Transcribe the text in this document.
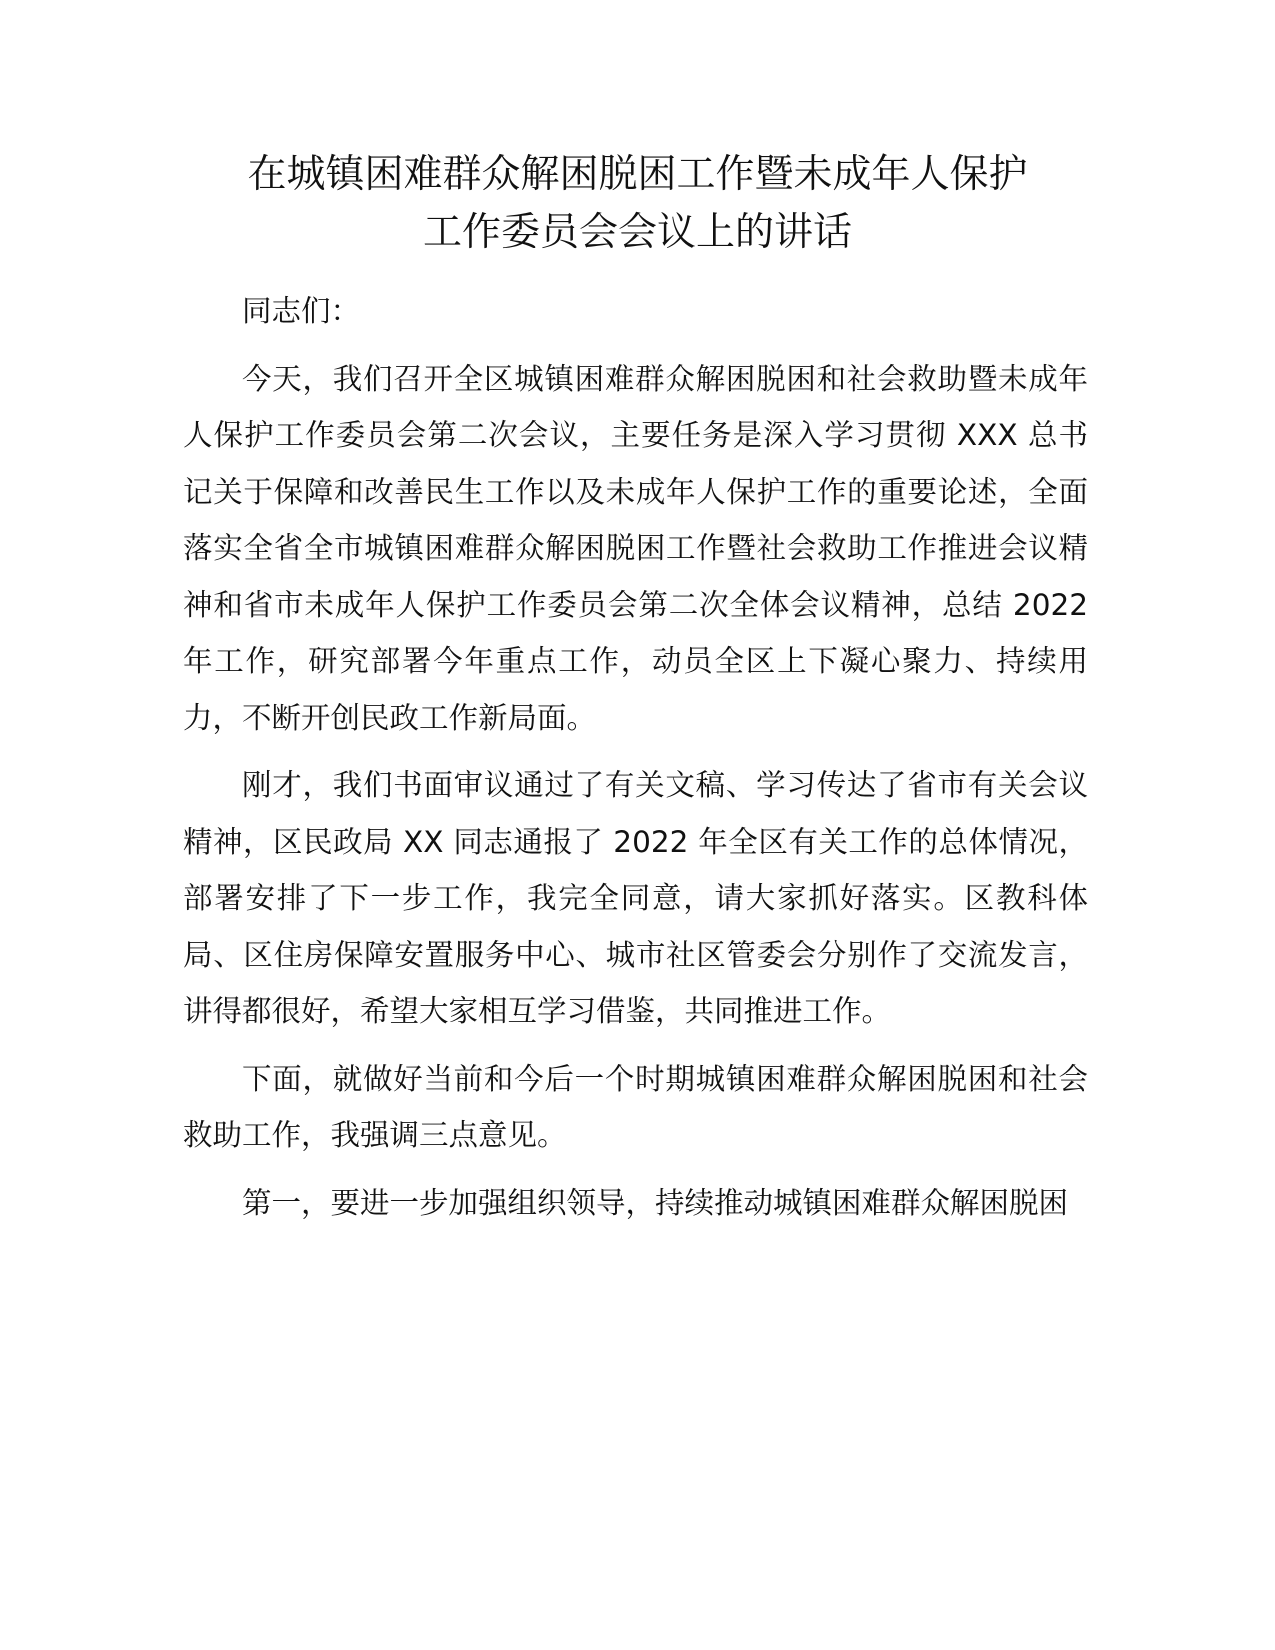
在城镇困难群众解困脱困工作暨未成年人保护
工作委员会会议上的讲话

同志们：

今天，我们召开全区城镇困难群众解困脱困和社会救助暨未成年人保护工作委员会第二次会议，主要任务是深入学习贯彻 XXX 总书记关于保障和改善民生工作以及未成年人保护工作的重要论述，全面落实全省全市城镇困难群众解困脱困工作暨社会救助工作推进会议精神和省市未成年人保护工作委员会第二次全体会议精神，总结 2022 年工作，研究部署今年重点工作，动员全区上下凝心聚力、持续用力，不断开创民政工作新局面。

刚才，我们书面审议通过了有关文稿、学习传达了省市有关会议精神，区民政局 XX 同志通报了 2022 年全区有关工作的总体情况，部署安排了下一步工作，我完全同意，请大家抓好落实。区教科体局、区住房保障安置服务中心、城市社区管委会分别作了交流发言，讲得都很好，希望大家相互学习借鉴，共同推进工作。

下面，就做好当前和今后一个时期城镇困难群众解困脱困和社会救助工作，我强调三点意见。

第一，要进一步加强组织领导，持续推动城镇困难群众解困脱困
